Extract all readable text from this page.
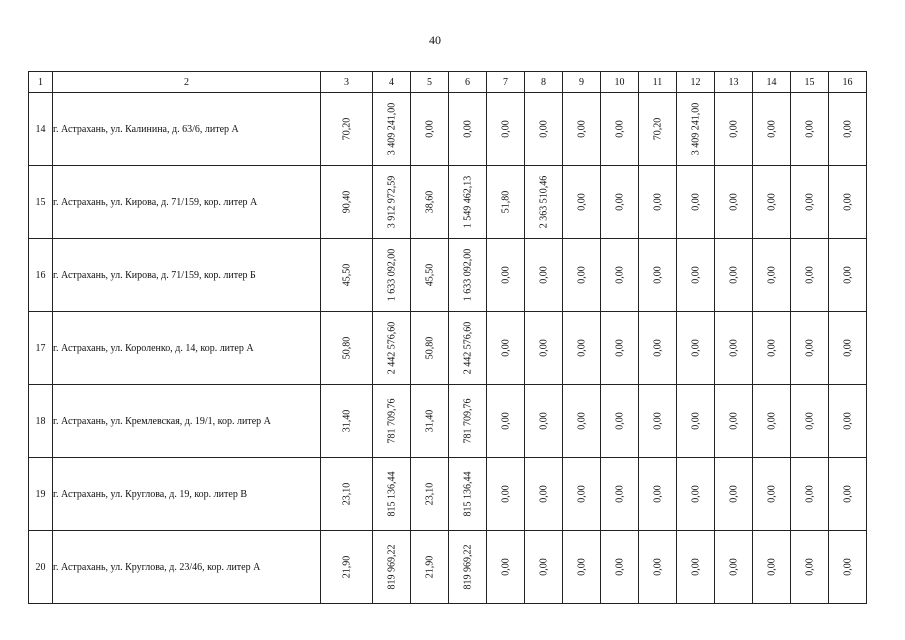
40
1	2	3	4	5	6	7	8	9	10	11	12	13	14	15	16
14	г. Астрахань, ул. Калинина, д. 63/6, литер А	70,20	3 409 241,00	0,00	0,00	0,00	0,00	0,00	0,00	70,20	3 409 241,00	0,00	0,00	0,00	0,00

15	г. Астрахань, ул. Кирова, д. 71/159, кор. литер А	90,40	3 912 972,59	38,60	1 549 462,13	51,80	2 363 510,46	0,00	0,00	0,00	0,00	0,00	0,00	0,00	0,00

16	г. Астрахань, ул. Кирова, д. 71/159, кор. литер Б	45,50	1 633 092,00	45,50	1 633 092,00	0,00	0,00	0,00	0,00	0,00	0,00	0,00	0,00	0,00	0,00

17	г. Астрахань, ул. Короленко, д. 14, кор. литер А	50,80	2 442 576,60	50,80	2 442 576,60	0,00	0,00	0,00	0,00	0,00	0,00	0,00	0,00	0,00	0,00

18	г. Астрахань, ул. Кремлевская, д. 19/1, кор. литер А	31,40	781 709,76	31,40	781 709,76	0,00	0,00	0,00	0,00	0,00	0,00	0,00	0,00	0,00	0,00

19	г. Астрахань, ул. Круглова, д. 19, кор. литер В	23,10	815 136,44	23,10	815 136,44	0,00	0,00	0,00	0,00	0,00	0,00	0,00	0,00	0,00	0,00

20	г. Астрахань, ул. Круглова, д. 23/46, кор. литер А	21,90	819 969,22	21,90	819 969,22	0,00	0,00	0,00	0,00	0,00	0,00	0,00	0,00	0,00	0,00
